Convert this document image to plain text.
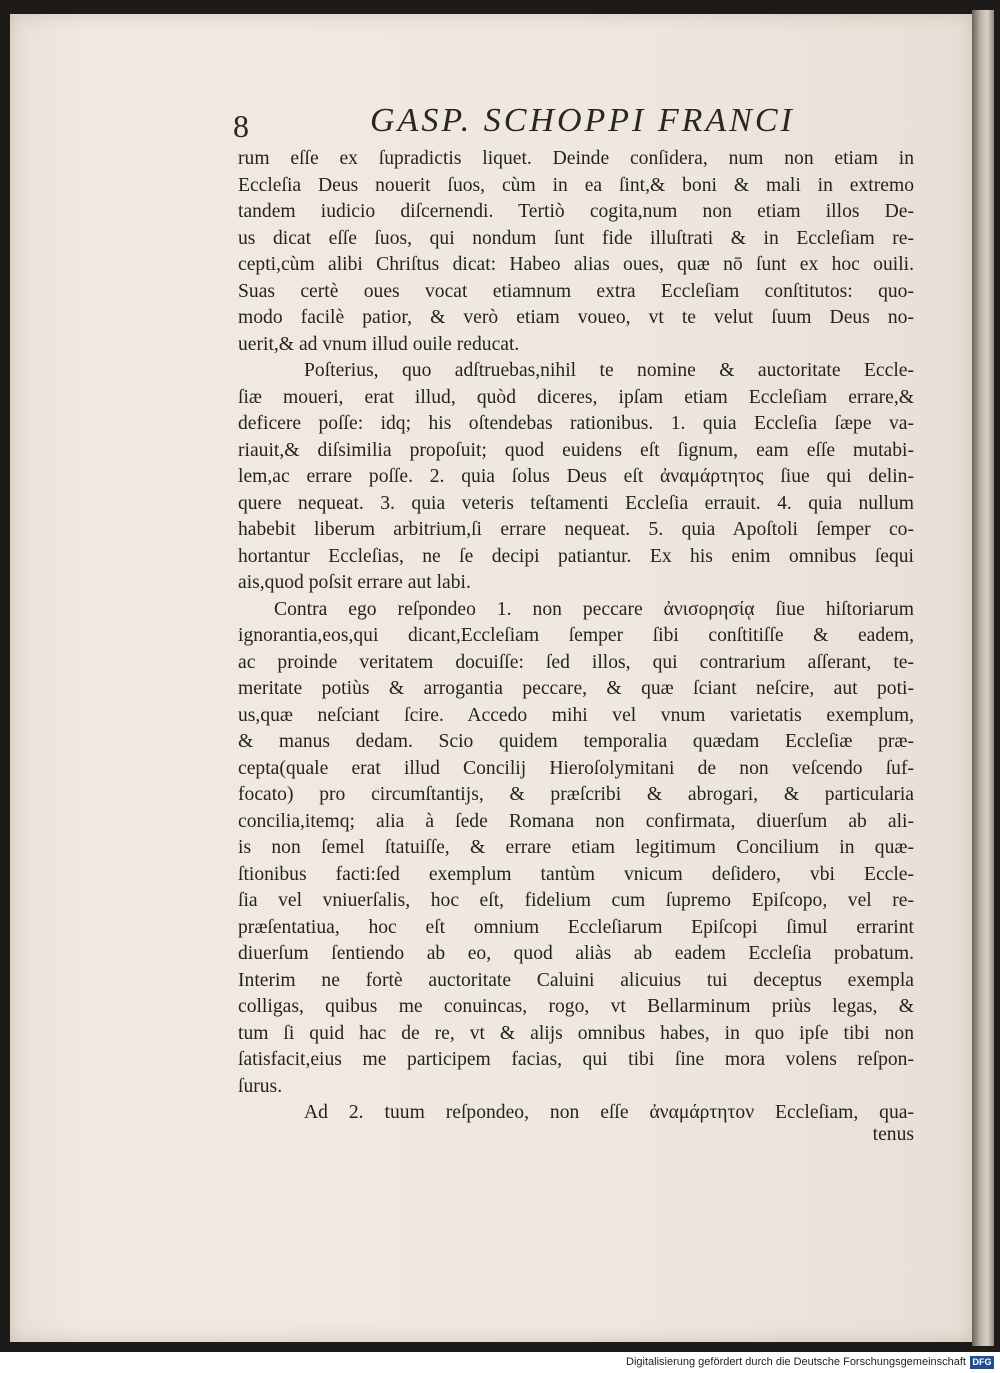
8	GASP. SCHOPPI FRANCI
rum eſſe ex ſupradictis liquet. Deinde conſidera, num non etiam in
Eccleſia Deus nouerit ſuos, cùm in ea ſint,& boni & mali in extremo
tandem iudicio diſcernendi. Tertiò cogita,num non etiam illos De-
us dicat eſſe ſuos, qui nondum ſunt fide illuſtrati & in Eccleſiam re-
cepti,cùm alibi Chriſtus dicat: Habeo alias oues, quæ nō ſunt ex hoc ouili.
Suas certè oues vocat etiamnum extra Eccleſiam conſtitutos: quo-
modo facilè patior, & verò etiam voueo, vt te velut ſuum Deus no-
uerit,& ad vnum illud ouile reducat.
Poſterius, quo adſtruebas,nihil te nomine & auctoritate Eccle-
ſiæ moueri, erat illud, quòd diceres, ipſam etiam Eccleſiam errare,&
deficere poſſe: idq; his oſtendebas rationibus. 1. quia Eccleſia ſæpe va-
riauit,& diſsimilia propoſuit; quod euidens eſt ſignum, eam eſſe mutabi-
lem,ac errare poſſe. 2. quia ſolus Deus eſt ἀναμάρτητος ſiue qui delin-
quere nequeat. 3. quia veteris teſtamenti Eccleſia errauit. 4. quia nullum
habebit liberum arbitrium,ſi errare nequeat. 5. quia Apoſtoli ſemper co-
hortantur Eccleſias, ne ſe decipi patiantur. Ex his enim omnibus ſequi
ais,quod poſsit errare aut labi.
Contra ego reſpondeo 1. non peccare ἀνισορησίᾳ ſiue hiſtoriarum
ignorantia,eos,qui dicant,Eccleſiam ſemper ſibi conſtitiſſe & eadem,
ac proinde veritatem docuiſſe: ſed illos, qui contrarium aſſerant, te-
meritate potiùs & arrogantia peccare, & quæ ſciant neſcire, aut poti-
us,quæ neſciant ſcire. Accedo mihi vel vnum varietatis exemplum,
& manus dedam. Scio quidem temporalia quædam Eccleſiæ præ-
cepta(quale erat illud Concilij Hieroſolymitani de non veſcendo ſuf-
focato) pro circumſtantijs, & præſcribi & abrogari, & particularia
concilia,itemq; alia à ſede Romana non confirmata, diuerſum ab ali-
is non ſemel ſtatuiſſe, & errare etiam legitimum Concilium in quæ-
ſtionibus facti:ſed exemplum tantùm vnicum deſidero, vbi Eccle-
ſia vel vniuerſalis, hoc eſt, fidelium cum ſupremo Epiſcopo, vel re-
præſentatiua, hoc eſt omnium Eccleſiarum Epiſcopi ſimul errarint
diuerſum ſentiendo ab eo, quod aliàs ab eadem Eccleſia probatum.
Interim ne fortè auctoritate Caluini alicuius tui deceptus exempla
colligas, quibus me conuincas, rogo, vt Bellarminum priùs legas, &
tum ſi quid hac de re, vt & alijs omnibus habes, in quo ipſe tibi non
ſatisfacit,eius me participem facias, qui tibi ſine mora volens reſpon-
ſurus.
Ad 2. tuum reſpondeo, non eſſe ἀναμάρτητον Eccleſiam, qua-
tenus
Digitalisierung gefördert durch die Deutsche Forschungsgemeinschaft DFG
